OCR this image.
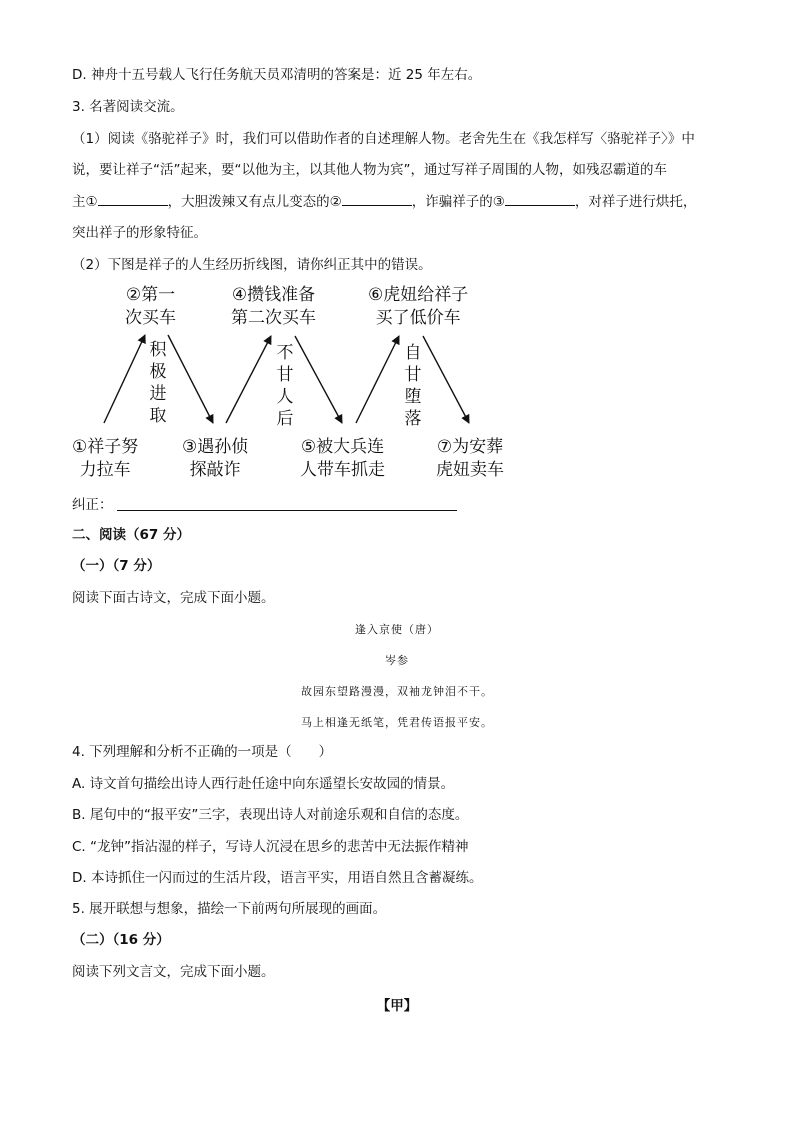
D. 神舟十五号载人飞行任务航天员邓清明的答案是：近 25 年左右。
3. 名著阅读交流。
（1）阅读《骆驼祥子》时，我们可以借助作者的自述理解人物。老舍先生在《我怎样写〈骆驼祥子〉》中
说，要让祥子“活”起来，要“以他为主，以其他人物为宾”，通过写祥子周围的人物，如残忍霸道的车
主①	，大胆泼辣又有点儿变态的②	，诈骗祥子的③	，对祥子进行烘托，
突出祥子的形象特征。
（2）下图是祥子的人生经历折线图，请你纠正其中的错误。
②第一
次买车
④攒钱准备
第二次买车
⑥虎妞给祥子
买了低价车
①祥子努
力拉车
③遇孙侦
探敲诈
⑤被大兵连
人带车抓走
⑦为安葬
虎妞卖车
积
极
进
取
不
甘
人
后
自
甘
堕
落
纠正：
二、阅读（67 分）
（一）（7 分）
阅读下面古诗文，完成下面小题。
逢入京使（唐）
岑参
故园东望路漫漫，双袖龙钟泪不干。
马上相逢无纸笔，凭君传语报平安。
4. 下列理解和分析不正确的一项是（　　）
A. 诗文首句描绘出诗人西行赴任途中向东遥望长安故园的情景。
B. 尾句中的“报平安”三字，表现出诗人对前途乐观和自信的态度。
C. “龙钟”指沾湿的样子，写诗人沉浸在思乡的悲苦中无法振作精神
D. 本诗抓住一闪而过的生活片段，语言平实，用语自然且含蓄凝练。
5. 展开联想与想象，描绘一下前两句所展现的画面。
（二）（16 分）
阅读下列文言文，完成下面小题。
【甲】
